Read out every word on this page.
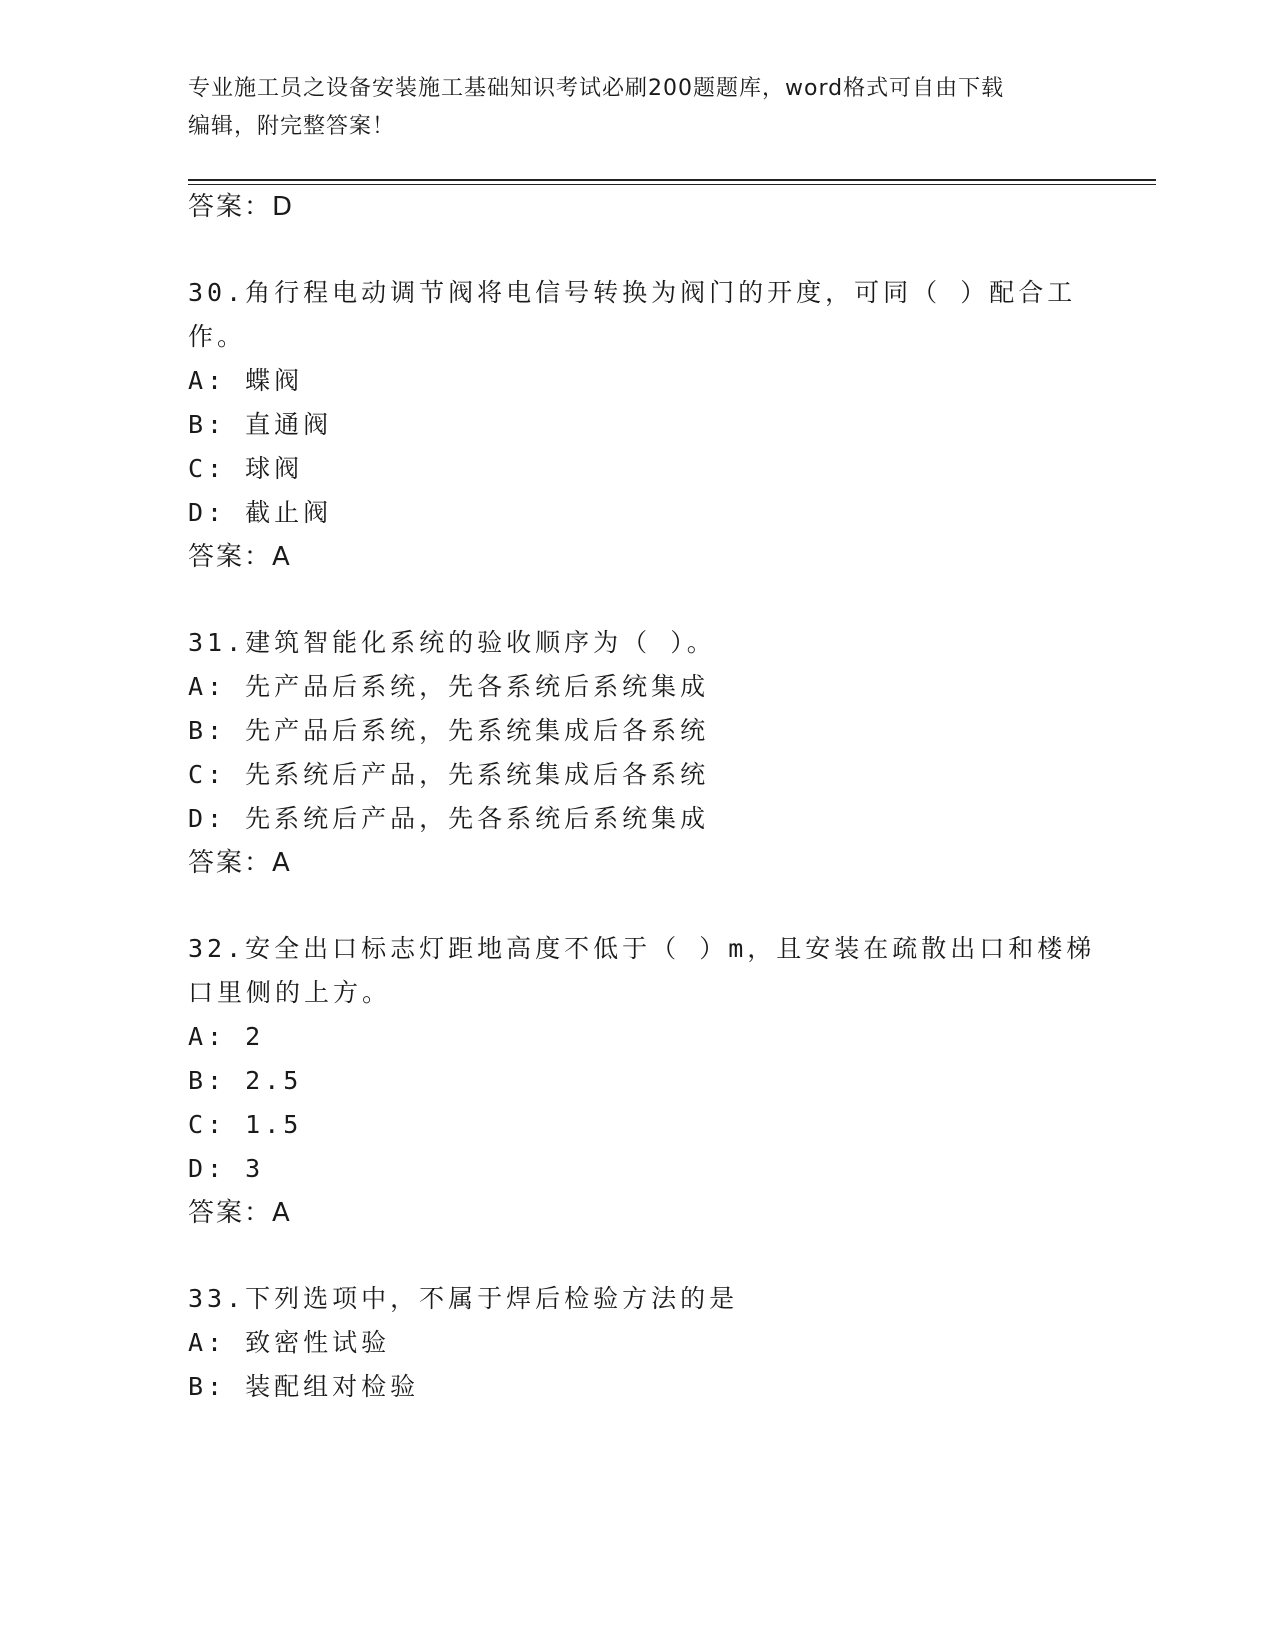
专业施工员之设备安装施工基础知识考试必刷200题题库，word格式可自由下载
编辑，附完整答案！
答案：D
30.角行程电动调节阀将电信号转换为阀门的开度，可同（ ）配合工
作。
A: 蝶阀
B: 直通阀
C: 球阀
D: 截止阀
答案：A
31.建筑智能化系统的验收顺序为（ ）。
A: 先产品后系统，先各系统后系统集成
B: 先产品后系统，先系统集成后各系统
C: 先系统后产品，先系统集成后各系统
D: 先系统后产品，先各系统后系统集成
答案：A
32.安全出口标志灯距地高度不低于（ ）m，且安装在疏散出口和楼梯
口里侧的上方。
A: 2
B: 2.5
C: 1.5
D: 3
答案：A
33.下列选项中，不属于焊后检验方法的是
A: 致密性试验
B: 装配组对检验
